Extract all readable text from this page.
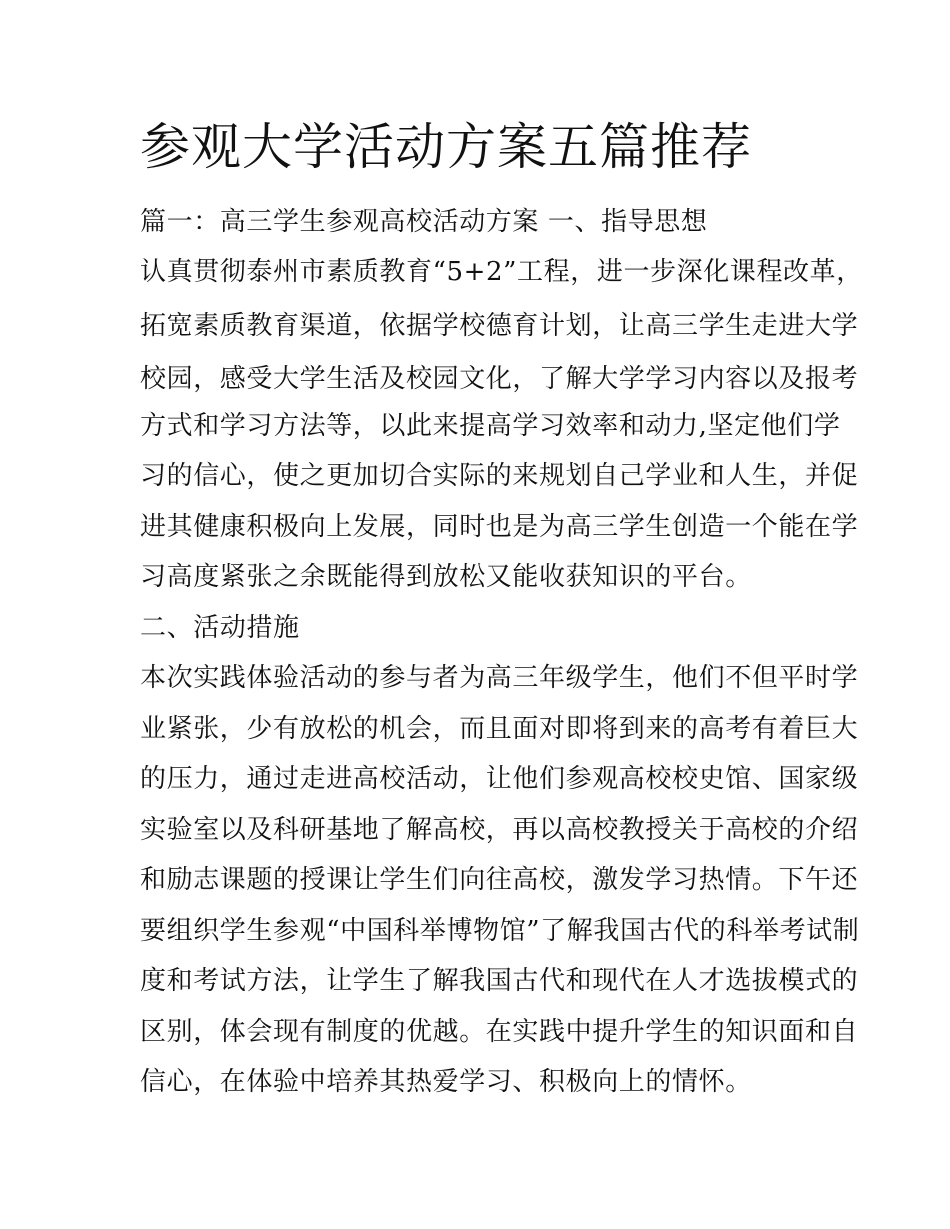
参观大学活动方案五篇推荐
篇一：高三学生参观高校活动方案 一、指导思想
认真贯彻泰州市素质教育“5+2”工程，进一步深化课程改革，
拓宽素质教育渠道，依据学校德育计划，让高三学生走进大学
校园，感受大学生活及校园文化，了解大学学习内容以及报考
方式和学习方法等，以此来提高学习效率和动力,坚定他们学
习的信心，使之更加切合实际的来规划自己学业和人生，并促
进其健康积极向上发展，同时也是为高三学生创造一个能在学
习高度紧张之余既能得到放松又能收获知识的平台。
二、活动措施
本次实践体验活动的参与者为高三年级学生，他们不但平时学
业紧张，少有放松的机会，而且面对即将到来的高考有着巨大
的压力，通过走进高校活动，让他们参观高校校史馆、国家级
实验室以及科研基地了解高校，再以高校教授关于高校的介绍
和励志课题的授课让学生们向往高校，激发学习热情。下午还
要组织学生参观“中国科举博物馆”了解我国古代的科举考试制
度和考试方法，让学生了解我国古代和现代在人才选拔模式的
区别，体会现有制度的优越。在实践中提升学生的知识面和自
信心，在体验中培养其热爱学习、积极向上的情怀。
